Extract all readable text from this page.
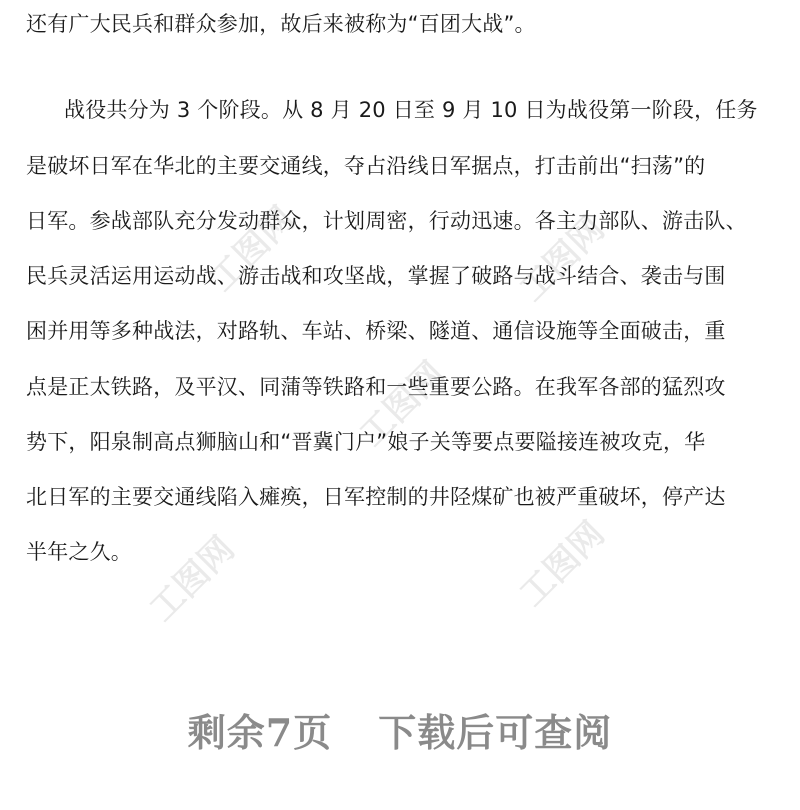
工图网	工图网
工图网
工图网	工图网
还有广大民兵和群众参加，故后来被称为“百团大战”。
战役共分为 3 个阶段。从 8 月 20 日至 9 月 10 日为战役第一阶段，任务
是破坏日军在华北的主要交通线，夺占沿线日军据点，打击前出“扫荡”的
日军。参战部队充分发动群众，计划周密，行动迅速。各主力部队、游击队、
民兵灵活运用运动战、游击战和攻坚战，掌握了破路与战斗结合、袭击与围
困并用等多种战法，对路轨、车站、桥梁、隧道、通信设施等全面破击，重
点是正太铁路，及平汉、同蒲等铁路和一些重要公路。在我军各部的猛烈攻
势下，阳泉制高点狮脑山和“晋冀门户”娘子关等要点要隘接连被攻克，华
北日军的主要交通线陷入瘫痪，日军控制的井陉煤矿也被严重破坏，停产达
半年之久。
剩余7页 下载后可查阅
